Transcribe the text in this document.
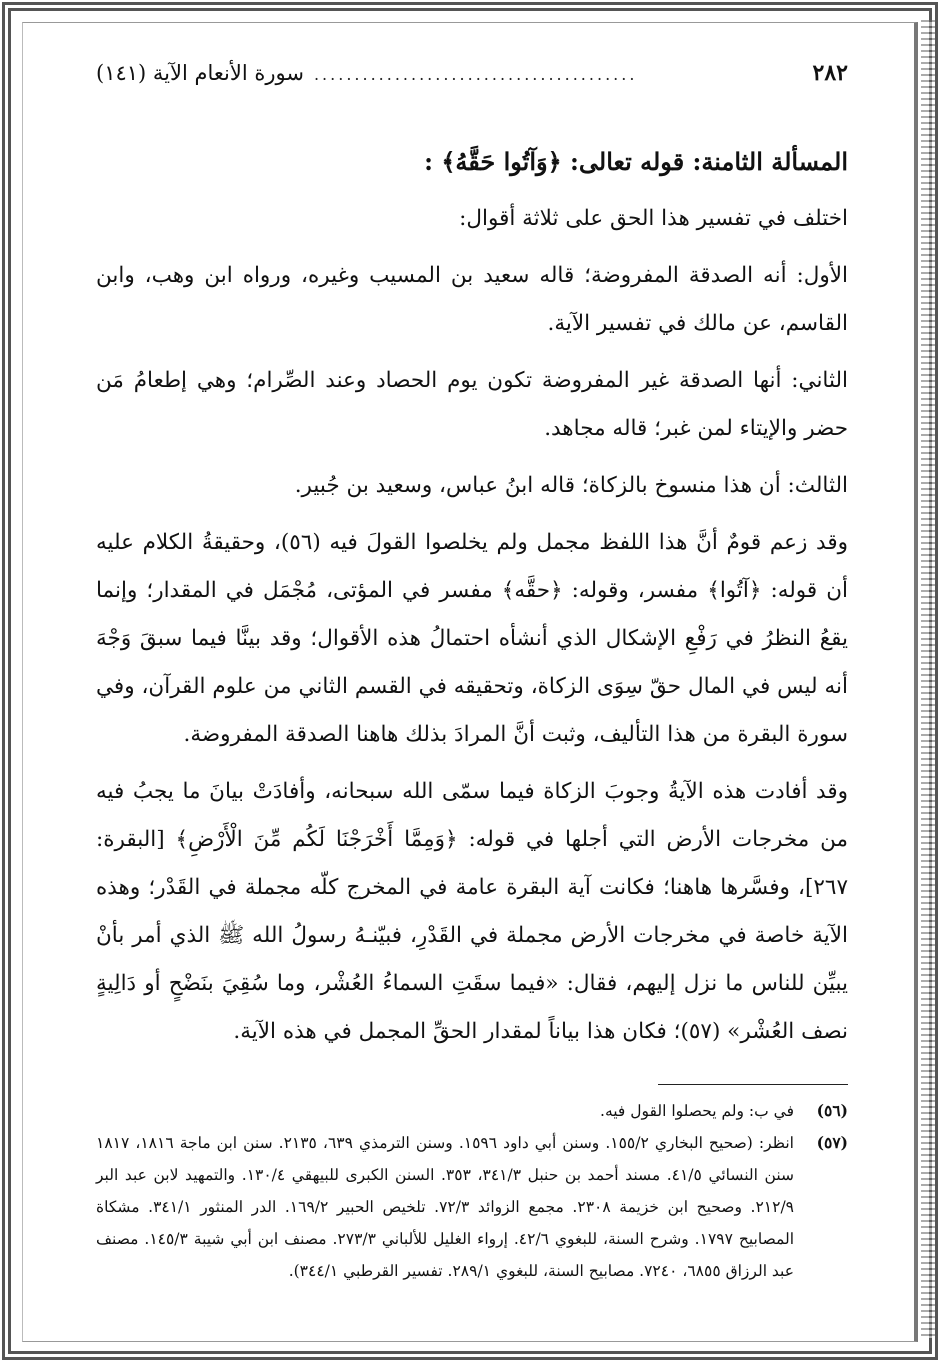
٢٨٢
........................................
سورة الأنعام الآية (١٤١)

المسألة الثامنة: قوله تعالى: ﴿وَآتُوا حَقَّهُ﴾ :

اختلف في تفسير هذا الحق على ثلاثة أقوال:

الأول: أنه الصدقة المفروضة؛ قاله سعيد بن المسيب وغيره، ورواه ابن وهب، وابن القاسم، عن مالك في تفسير الآية.

الثاني: أنها الصدقة غير المفروضة تكون يوم الحصاد وعند الصِّرام؛ وهي إطعامُ مَن حضر والإيتاء لمن غبر؛ قاله مجاهد.

الثالث: أن هذا منسوخ بالزكاة؛ قاله ابنُ عباس، وسعيد بن جُبير.

وقد زعم قومٌ أنَّ هذا اللفظ مجمل ولم يخلصوا القولَ فيه (٥٦)، وحقيقةُ الكلام عليه أن قوله: ﴿آتُوا﴾ مفسر، وقوله: ﴿حقَّه﴾ مفسر في المؤتى، مُجْمَل في المقدار؛ وإنما يقعُ النظرُ في رَفْعِ الإشكال الذي أنشأه احتمالُ هذه الأقوال؛ وقد بينَّا فيما سبقَ وَجْهَ أنه ليس في المال حقّ سِوَى الزكاة، وتحقيقه في القسم الثاني من علوم القرآن، وفي سورة البقرة من هذا التأليف، وثبت أنَّ المرادَ بذلك هاهنا الصدقة المفروضة.

وقد أفادت هذه الآيةُ وجوبَ الزكاة فيما سمّى الله سبحانه، وأفادَتْ بيانَ ما يجبُ فيه من مخرجات الأرض التي أجلها في قوله: ﴿وَمِمَّا أَخْرَجْنَا لَكُم مِّنَ الْأَرْضِ﴾ [البقرة: ٢٦٧]، وفسَّرها هاهنا؛ فكانت آية البقرة عامة في المخرج كلّه مجملة في القَدْر؛ وهذه الآية خاصة في مخرجات الأرض مجملة في القَدْرِ، فبيّنـهُ رسولُ الله ﷺ الذي أمر بأنْ يبيِّن للناس ما نزل إليهم، فقال: «فيما سقَتِ السماءُ العُشْر، وما سُقِيَ بنَضْحٍ أو دَالِيةٍ نصف العُشْر» (٥٧)؛ فكان هذا بياناً لمقدار الحقِّ المجمل في هذه الآية.

(٥٦)
في ب: ولم يحصلوا القول فيه.
(٥٧)
انظر: (صحيح البخاري ١٥٥/٢. وسنن أبي داود ١٥٩٦. وسنن الترمذي ٦٣٩، ٢١٣٥. سنن ابن ماجة ١٨١٦، ١٨١٧ سنن النسائي ٤١/٥. مسند أحمد بن حنبل ٣٤١/٣، ٣٥٣. السنن الكبرى للبيهقي ١٣٠/٤. والتمهيد لابن عبد البر ٢١٢/٩. وصحيح ابن خزيمة ٢٣٠٨. مجمع الزوائد ٧٢/٣. تلخيص الحبير ١٦٩/٢. الدر المنثور ٣٤١/١. مشكاة المصابيح ١٧٩٧. وشرح السنة، للبغوي ٤٢/٦. إرواء الغليل للألباني ٢٧٣/٣. مصنف ابن أبي شيبة ١٤٥/٣. مصنف عبد الرزاق ٦٨٥٥، ٧٢٤٠. مصابيح السنة، للبغوي ٢٨٩/١. تفسير القرطبي ٣٤٤/١).
